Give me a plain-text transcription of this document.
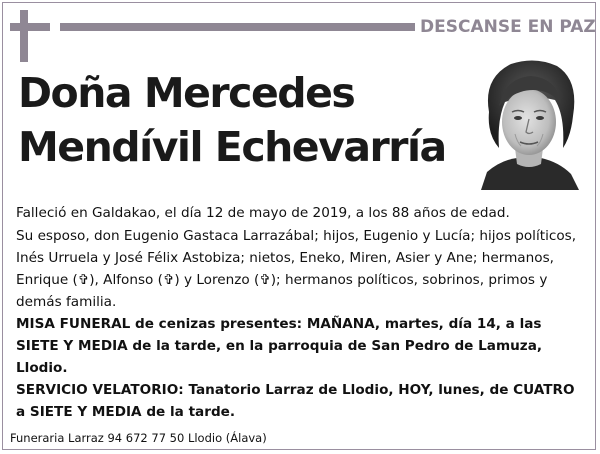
DESCANSE EN PAZ
Doña Mercedes
Mendívil Echevarría

Falleció en Galdakao, el día 12 de mayo de 2019, a los 88 años de edad.

Su esposo, don Eugenio Gastaca Larrazábal; hijos, Eugenio y Lucía; hijos políticos, Inés Urruela y José Félix Astobiza; nietos, Eneko, Miren, Asier y Ane; hermanos, Enrique (✞), Alfonso (✞) y Lorenzo (✞); hermanos políticos, sobrinos, primos y demás familia.

MISA FUNERAL de cenizas presentes: MAÑANA, martes, día 14, a las SIETE Y MEDIA de la tarde, en la parroquia de San Pedro de Lamuza, Llodio.

SERVICIO VELATORIO: Tanatorio Larraz de Llodio, HOY, lunes, de CUATRO a SIETE Y MEDIA de la tarde.

Funeraria Larraz 94 672 77 50 Llodio (Álava)
